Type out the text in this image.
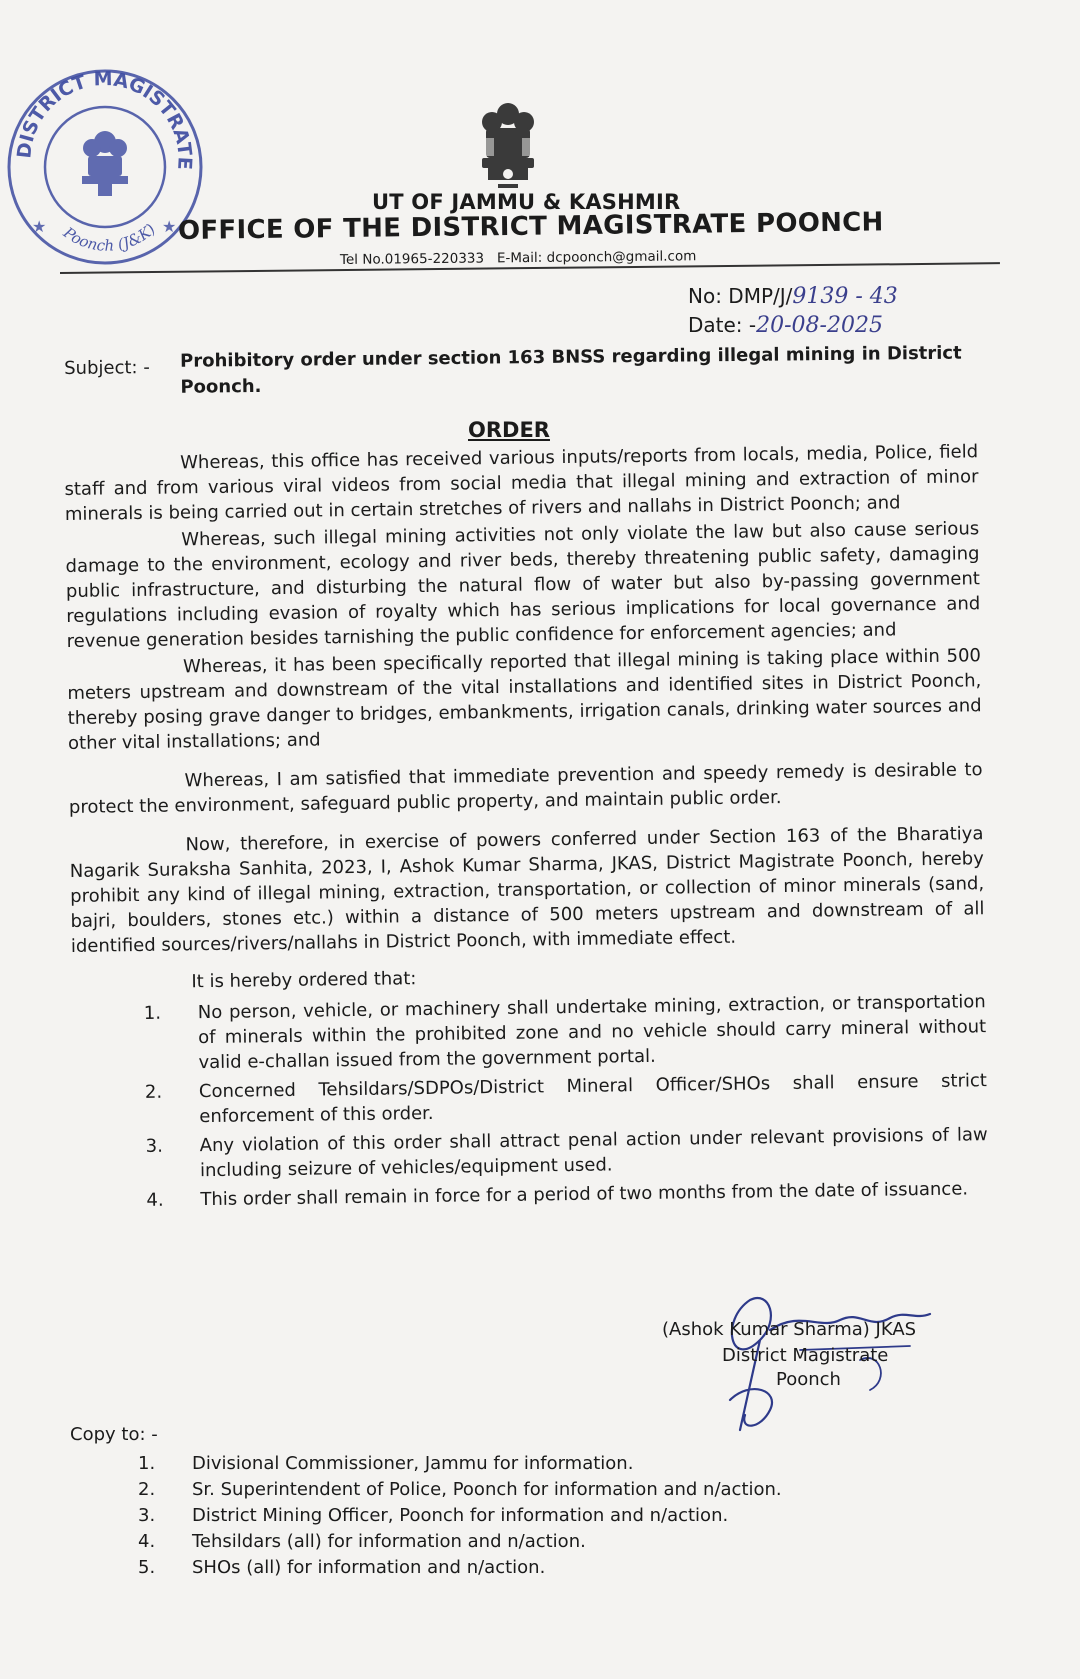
DISTRICT MAGISTRATE
Poonch (J&K)
★	★
UT OF JAMMU & KASHMIR
OFFICE OF THE DISTRICT MAGISTRATE POONCH
Tel No.01965-220333 E-Mail: dcpoonch@gmail.com
No: DMP/J/9139 - 43
Date: -20-08-2025
Subject: - Prohibitory order under section 163 BNSS regarding illegal mining in District Poonch.
ORDER

Whereas, this office has received various inputs/reports from locals, media, Police, field staff and from various viral videos from social media that illegal mining and extraction of minor minerals is being carried out in certain stretches of rivers and nallahs in District Poonch; and

Whereas, such illegal mining activities not only violate the law but also cause serious damage to the environment, ecology and river beds, thereby threatening public safety, damaging public infrastructure, and disturbing the natural flow of water but also by-passing government regulations including evasion of royalty which has serious implications for local governance and revenue generation besides tarnishing the public confidence for enforcement agencies; and

Whereas, it has been specifically reported that illegal mining is taking place within 500 meters upstream and downstream of the vital installations and identified sites in District Poonch, thereby posing grave danger to bridges, embankments, irrigation canals, drinking water sources and other vital installations; and

Whereas, I am satisfied that immediate prevention and speedy remedy is desirable to protect the environment, safeguard public property, and maintain public order.

Now, therefore, in exercise of powers conferred under Section 163 of the Bharatiya Nagarik Suraksha Sanhita, 2023, I, Ashok Kumar Sharma, JKAS, District Magistrate Poonch, hereby prohibit any kind of illegal mining, extraction, transportation, or collection of minor minerals (sand, bajri, boulders, stones etc.) within a distance of 500 meters upstream and downstream of all identified sources/rivers/nallahs in District Poonch, with immediate effect.

It is hereby ordered that:
1. No person, vehicle, or machinery shall undertake mining, extraction, or transportation of minerals within the prohibited zone and no vehicle should carry mineral without valid e-challan issued from the government portal.
2. Concerned Tehsildars/SDPOs/District Mineral Officer/SHOs shall ensure strict enforcement of this order.
3. Any violation of this order shall attract penal action under relevant provisions of law including seizure of vehicles/equipment used.
4. This order shall remain in force for a period of two months from the date of issuance.
(Ashok Kumar Sharma) JKAS
District Magistrate
Poonch
Copy to: -
1. Divisional Commissioner, Jammu for information.
2. Sr. Superintendent of Police, Poonch for information and n/action.
3. District Mining Officer, Poonch for information and n/action.
4. Tehsildars (all) for information and n/action.
5. SHOs (all) for information and n/action.
